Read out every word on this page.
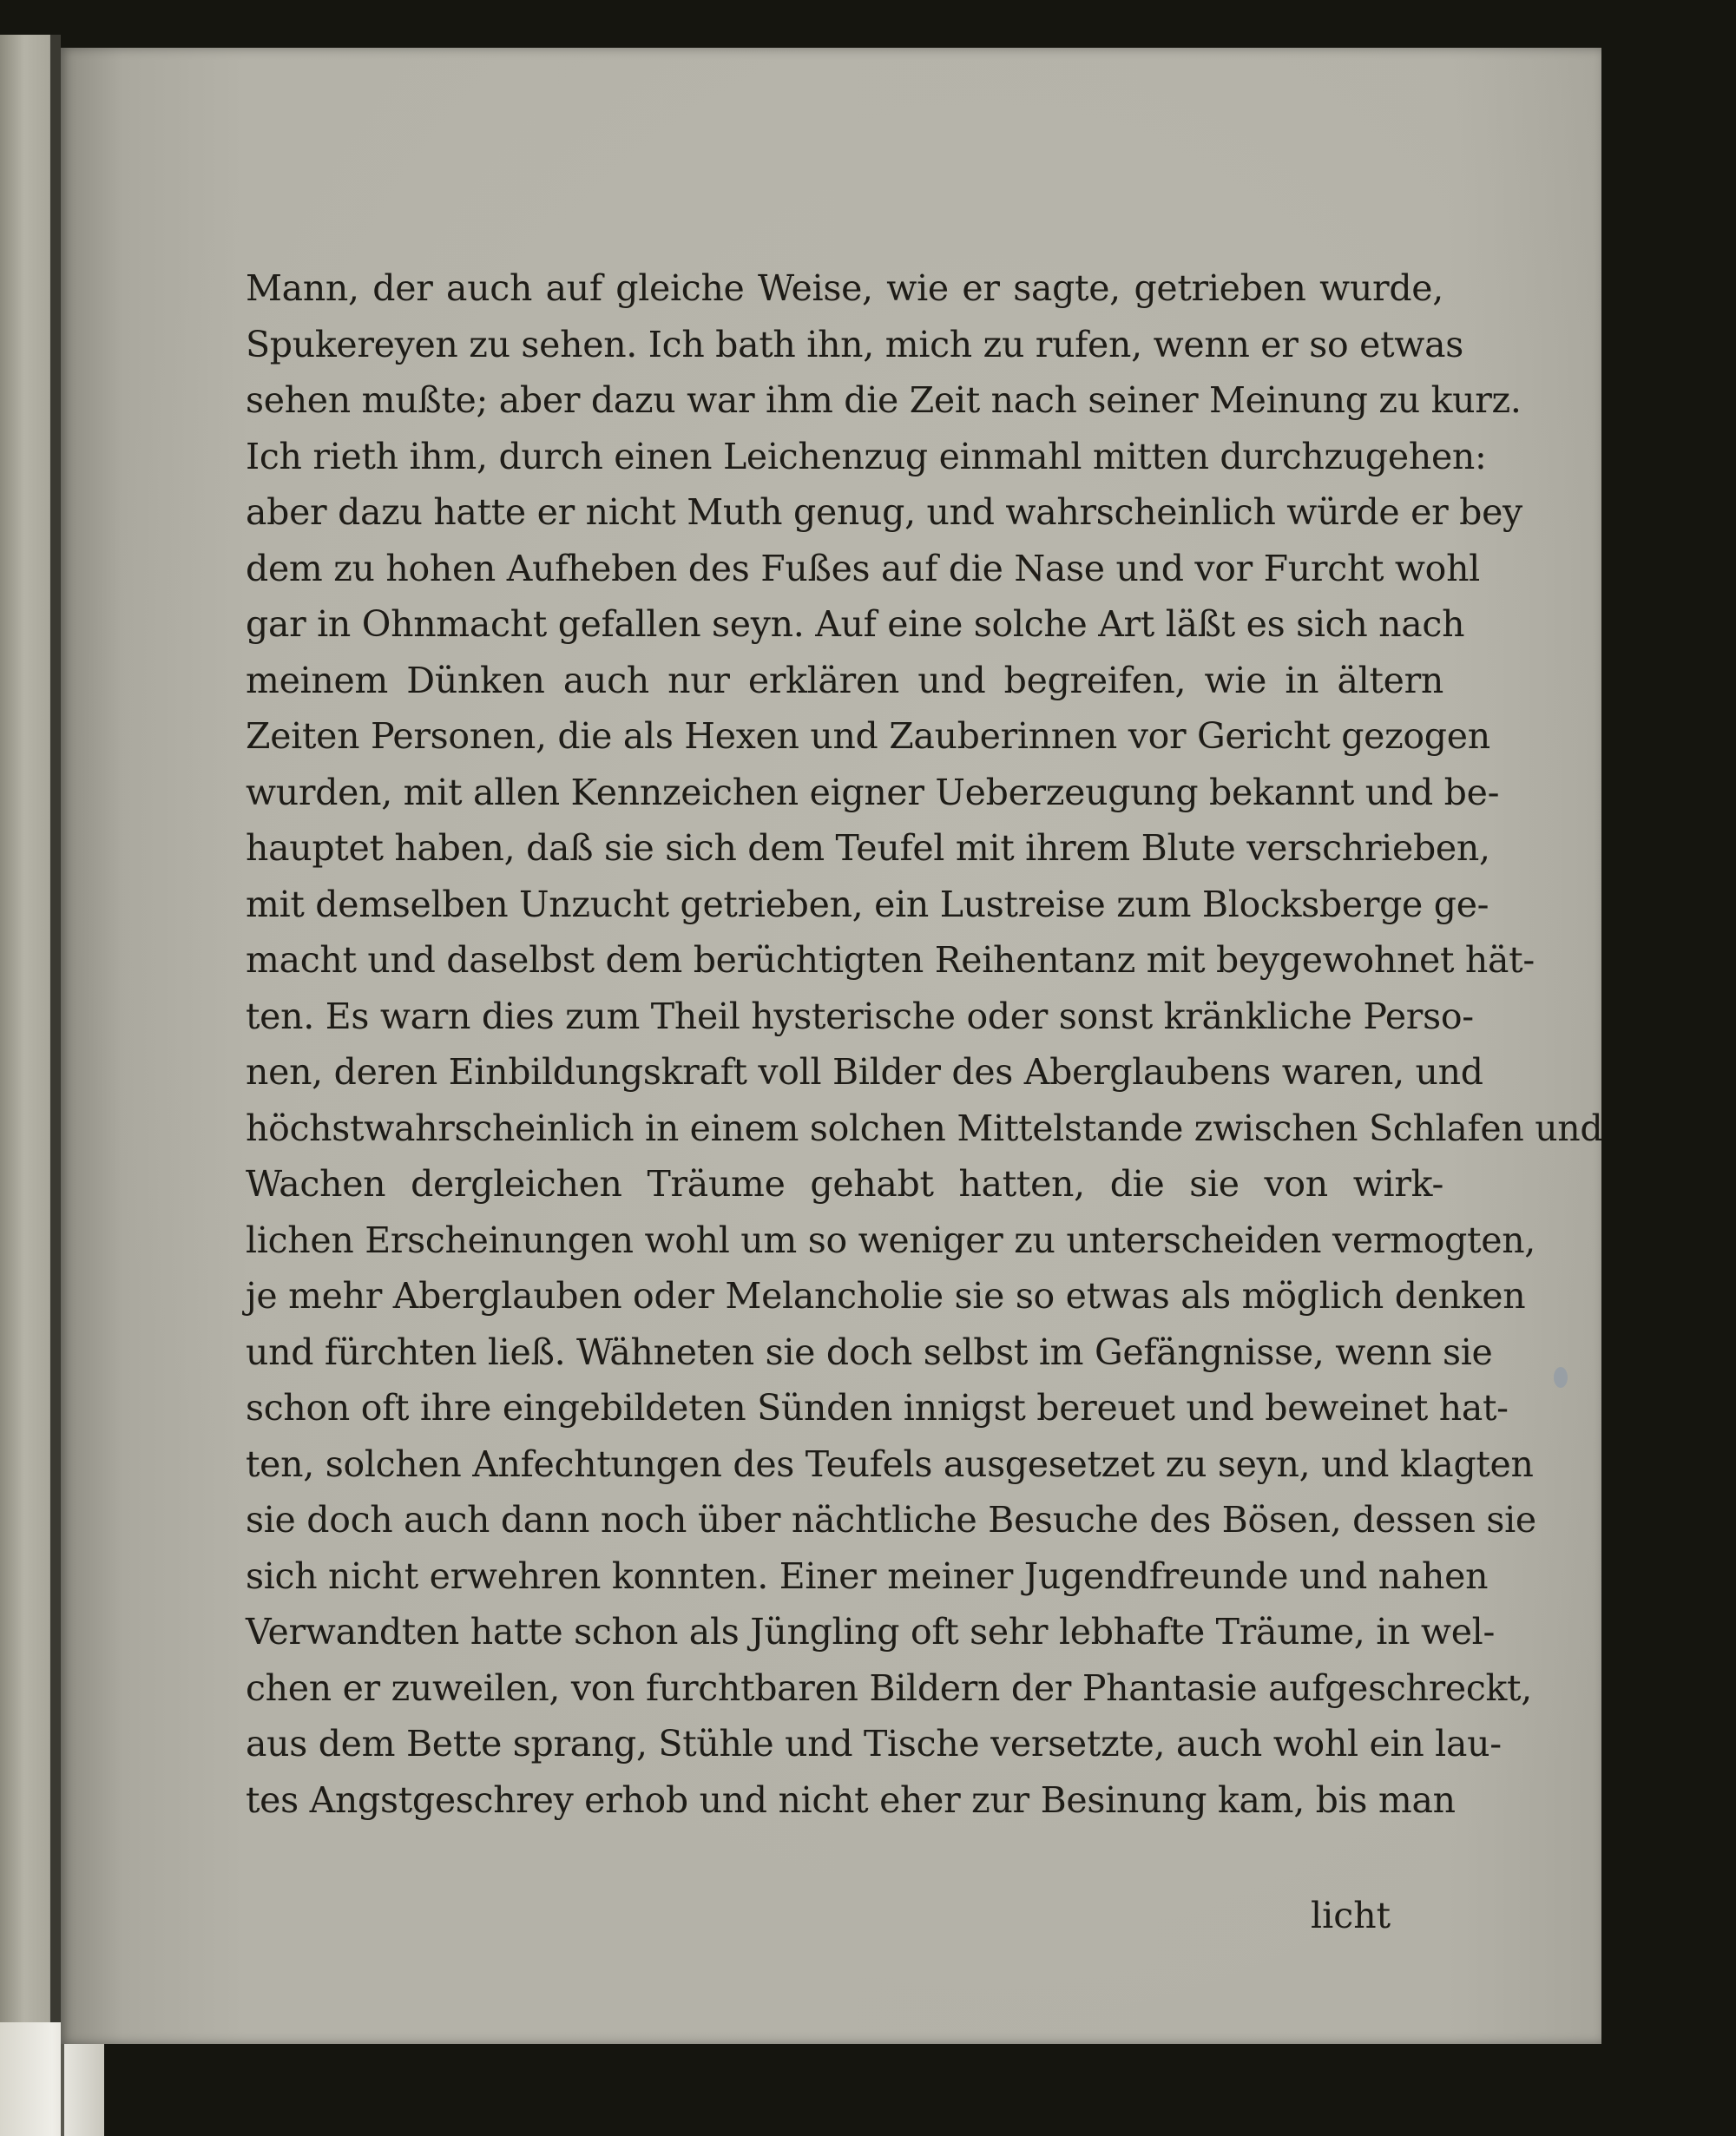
Mann, der auch auf gleiche Weise, wie er sagte, getrieben wurde,
Spukereyen zu sehen. Ich bath ihn, mich zu rufen, wenn er so etwas
sehen mußte; aber dazu war ihm die Zeit nach seiner Meinung zu kurz.
Ich rieth ihm, durch einen Leichenzug einmahl mitten durchzugehen:
aber dazu hatte er nicht Muth genug, und wahrscheinlich würde er bey
dem zu hohen Aufheben des Fußes auf die Nase und vor Furcht wohl
gar in Ohnmacht gefallen seyn. Auf eine solche Art läßt es sich nach
meinem Dünken auch nur erklären und begreifen, wie in ältern
Zeiten Personen, die als Hexen und Zauberinnen vor Gericht gezogen
wurden, mit allen Kennzeichen eigner Ueberzeugung bekannt und be-
hauptet haben, daß sie sich dem Teufel mit ihrem Blute verschrieben,
mit demselben Unzucht getrieben, ein Lustreise zum Blocksberge ge-
macht und daselbst dem berüchtigten Reihentanz mit beygewohnet hät-
ten. Es warn dies zum Theil hysterische oder sonst kränkliche Perso-
nen, deren Einbildungskraft voll Bilder des Aberglaubens waren, und
höchstwahrscheinlich in einem solchen Mittelstande zwischen Schlafen und
Wachen dergleichen Träume gehabt hatten, die sie von wirk-
lichen Erscheinungen wohl um so weniger zu unterscheiden vermogten,
je mehr Aberglauben oder Melancholie sie so etwas als möglich denken
und fürchten ließ. Wähneten sie doch selbst im Gefängnisse, wenn sie
schon oft ihre eingebildeten Sünden innigst bereuet und beweinet hat-
ten, solchen Anfechtungen des Teufels ausgesetzet zu seyn, und klagten
sie doch auch dann noch über nächtliche Besuche des Bösen, dessen sie
sich nicht erwehren konnten. Einer meiner Jugendfreunde und nahen
Verwandten hatte schon als Jüngling oft sehr lebhafte Träume, in wel-
chen er zuweilen, von furchtbaren Bildern der Phantasie aufgeschreckt,
aus dem Bette sprang, Stühle und Tische versetzte, auch wohl ein lau-
tes Angstgeschrey erhob und nicht eher zur Besinung kam, bis man
licht
